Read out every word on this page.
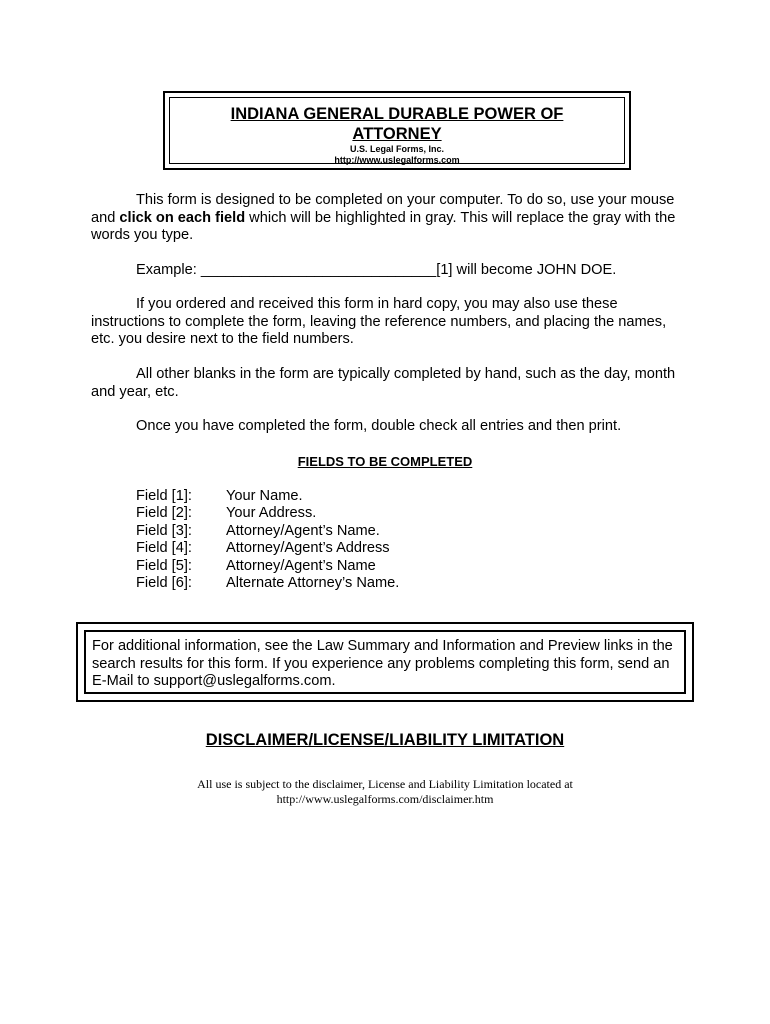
INDIANA GENERAL DURABLE POWER OF
ATTORNEY
U.S. Legal Forms, Inc.
http://www.uslegalforms.com
This form is designed to be completed on your computer. To do so, use your mouse and click on each field which will be highlighted in gray. This will replace the gray with the words you type.
Example: _____________________________[1] will become JOHN DOE.
If you ordered and received this form in hard copy, you may also use these instructions to complete the form, leaving the reference numbers, and placing the names, etc. you desire next to the field numbers.
All other blanks in the form are typically completed by hand, such as the day, month and year, etc.
Once you have completed the form, double check all entries and then print.
FIELDS TO BE COMPLETED
Field [1]:	Your Name.
Field [2]:	Your Address.
Field [3]:	Attorney/Agent’s Name.
Field [4]:	Attorney/Agent’s Address
Field [5]:	Attorney/Agent’s Name
Field [6]:	Alternate Attorney’s Name.
For additional information, see the Law Summary and Information and Preview links in the search results for this form. If you experience any problems completing this form, send an E-Mail to support@uslegalforms.com.
DISCLAIMER/LICENSE/LIABILITY LIMITATION
All use is subject to the disclaimer, License and Liability Limitation located at
http://www.uslegalforms.com/disclaimer.htm
